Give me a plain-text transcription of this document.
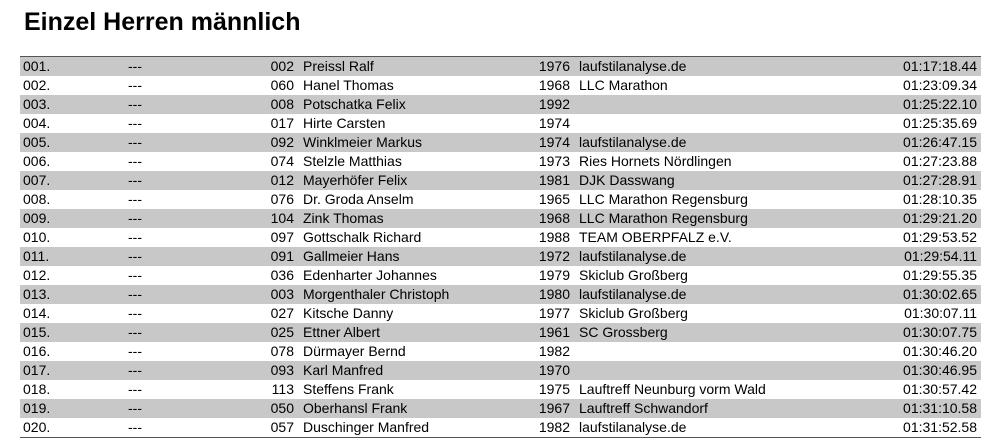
Einzel Herren männlich
001.	---	002	Preissl Ralf	1976	laufstilanalyse.de	01:17:18.44
002.	---	060	Hanel Thomas	1968	LLC Marathon	01:23:09.34
003.	---	008	Potschatka Felix	1992		01:25:22.10
004.	---	017	Hirte Carsten	1974		01:25:35.69
005.	---	092	Winklmeier Markus	1974	laufstilanalyse.de	01:26:47.15
006.	---	074	Stelzle Matthias	1973	Ries Hornets Nördlingen	01:27:23.88
007.	---	012	Mayerhöfer Felix	1981	DJK Dasswang	01:27:28.91
008.	---	076	Dr. Groda Anselm	1965	LLC Marathon Regensburg	01:28:10.35
009.	---	104	Zink Thomas	1968	LLC Marathon Regensburg	01:29:21.20
010.	---	097	Gottschalk Richard	1988	TEAM OBERPFALZ e.V.	01:29:53.52
011.	---	091	Gallmeier Hans	1972	laufstilanalyse.de	01:29:54.11
012.	---	036	Edenharter Johannes	1979	Skiclub Großberg	01:29:55.35
013.	---	003	Morgenthaler Christoph	1980	laufstilanalyse.de	01:30:02.65
014.	---	027	Kitsche Danny	1977	Skiclub Großberg	01:30:07.11
015.	---	025	Ettner Albert	1961	SC Grossberg	01:30:07.75
016.	---	078	Dürmayer Bernd	1982		01:30:46.20
017.	---	093	Karl Manfred	1970		01:30:46.95
018.	---	113	Steffens Frank	1975	Lauftreff Neunburg vorm Wald	01:30:57.42
019.	---	050	Oberhansl Frank	1967	Lauftreff Schwandorf	01:31:10.58
020.	---	057	Duschinger Manfred	1982	laufstilanalyse.de	01:31:52.58
